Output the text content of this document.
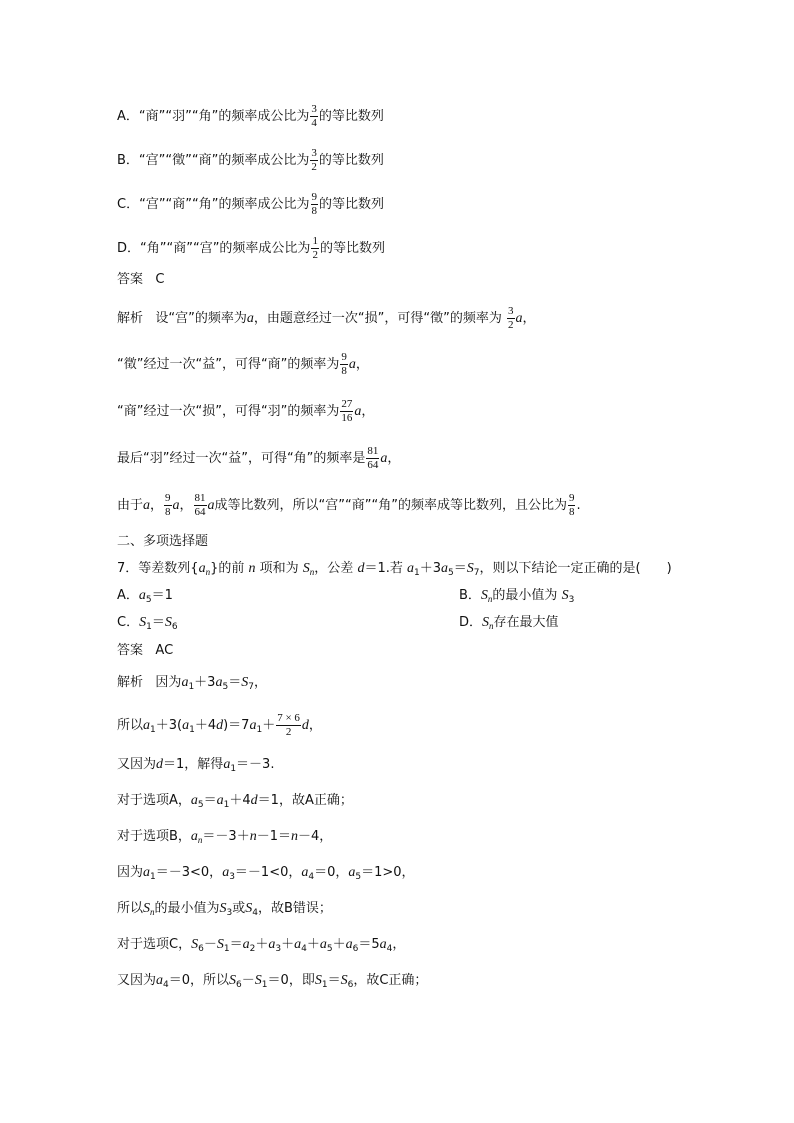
A．“商”“羽”“角”的频率成公比为 $\frac{3}{4}$ 的等比数列
B．“宫”“徵”“商”的频率成公比为 $\frac{3}{2}$ 的等比数列
C．“宫”“商”“角”的频率成公比为 $\frac{9}{8}$ 的等比数列
D．“角”“商”“宫”的频率成公比为 $\frac{1}{2}$ 的等比数列
答案 C
解析 设“宫”的频率为a，由题意经过一次“损”，可得“徵”的频率为 $\frac{3}{2}$ a，
“徵”经过一次“益”，可得“商”的频率为 $\frac{9}{8}$ a，
“商”经过一次“损”，可得“羽”的频率为 $\frac{27}{16}$ a，
最后“羽”经过一次“益”，可得“角”的频率是 $\frac{81}{64}$ a，
由于a， $\frac{9}{8}$ a， $\frac{81}{64}$ a成等比数列，所以“宫”“商”“角”的频率成等比数列，且公比为 $\frac{9}{8}$ .
二、多项选择题
7．等差数列$\{a_n\}$的前 n 项和为 $S_n$，公差 d＝1.若 $a_1+3a_5=S_7$，则以下结论一定正确的是( )
A．$a_5=1$	B．$S_n$的最小值为 $S_3$
C．$S_1=S_6$	D．$S_n$存在最大值
答案 AC
解析 因为$a_1+3a_5=S_7$，
所以$a_1+3(a_1+4d)=7a_1+ \frac{7 \times 6}{2}$ d，
又因为d＝1，解得$a_1=-3$.
对于选项A，$a_5=a_1+4d=1$，故A正确；
对于选项B，$a_n=-3+n-1=n-4$，
因为$a_1=-3<0$，$a_3=-1<0$，$a_4=0$，$a_5=1>0$，
所以$S_n$的最小值为$S_3$或$S_4$，故B错误；
对于选项C，$S_6-S_1=a_2+a_3+a_4+a_5+a_6=5a_4$，
又因为$a_4=0$，所以$S_6-S_1=0$，即$S_1=S_6$，故C正确；
